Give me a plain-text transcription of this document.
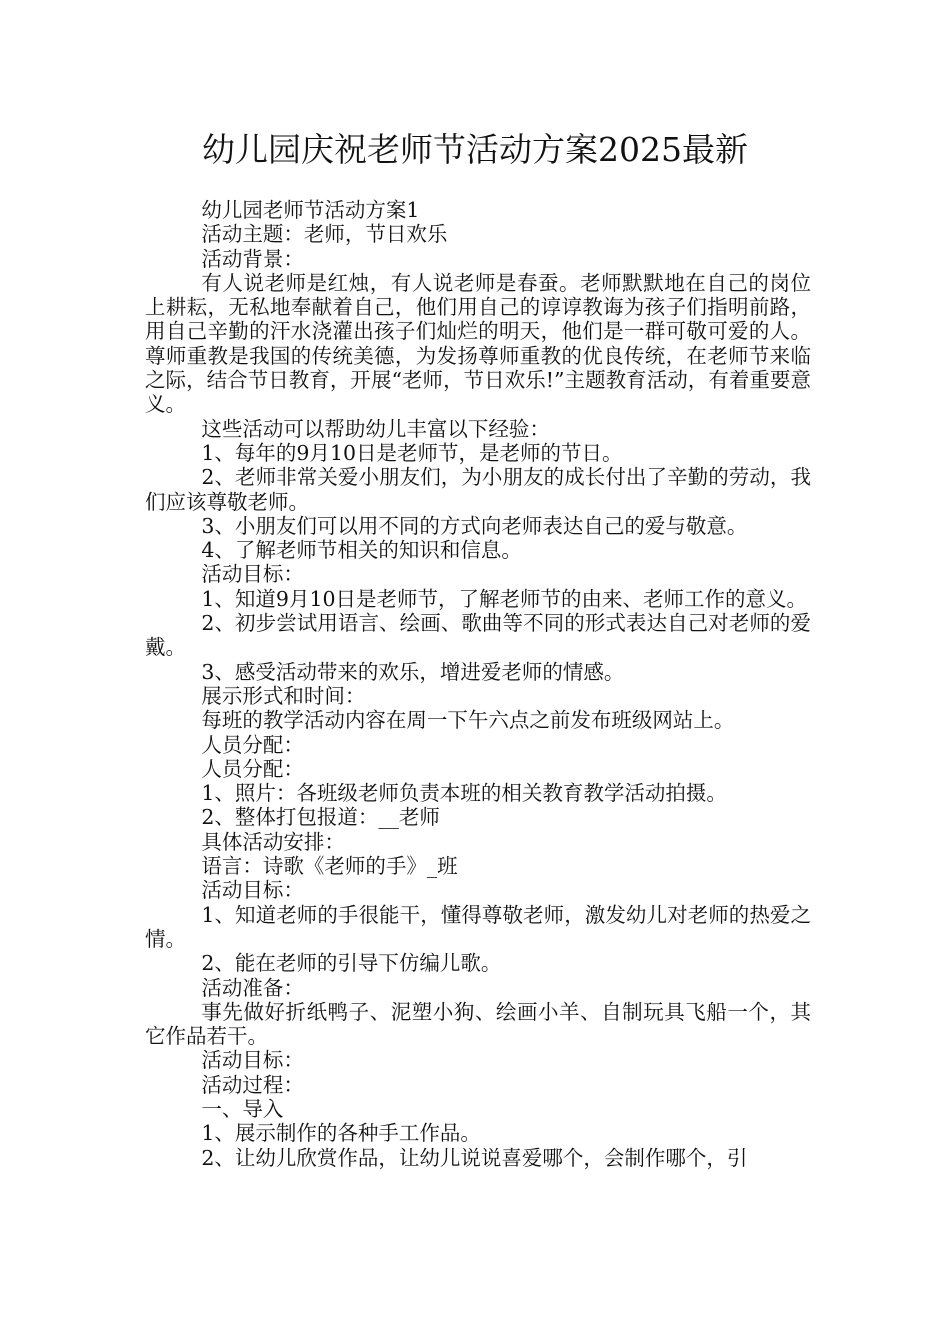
幼儿园庆祝老师节活动方案2025最新

幼儿园老师节活动方案1

活动主题：老师，节日欢乐

活动背景：

有人说老师是红烛，有人说老师是春蚕。老师默默地在自己的岗位上耕耘，无私地奉献着自己，他们用自己的谆谆教诲为孩子们指明前路，用自己辛勤的汗水浇灌出孩子们灿烂的明天，他们是一群可敬可爱的人。尊师重教是我国的传统美德，为发扬尊师重教的优良传统，在老师节来临之际，结合节日教育，开展“老师，节日欢乐!”主题教育活动，有着重要意义。

这些活动可以帮助幼儿丰富以下经验：

1、每年的9月10日是老师节，是老师的节日。

2、老师非常关爱小朋友们，为小朋友的成长付出了辛勤的劳动，我们应该尊敬老师。

3、小朋友们可以用不同的方式向老师表达自己的爱与敬意。

4、了解老师节相关的知识和信息。

活动目标：

1、知道9月10日是老师节，了解老师节的由来、老师工作的意义。

2、初步尝试用语言、绘画、歌曲等不同的形式表达自己对老师的爱戴。

3、感受活动带来的欢乐，增进爱老师的情感。

展示形式和时间：

每班的教学活动内容在周一下午六点之前发布班级网站上。

人员分配：

人员分配：

1、照片：各班级老师负责本班的相关教育教学活动拍摄。

2、整体打包报道：__老师

具体活动安排：

语言：诗歌《老师的手》_班

活动目标：

1、知道老师的手很能干，懂得尊敬老师，激发幼儿对老师的热爱之情。

2、能在老师的引导下仿编儿歌。

活动准备：

事先做好折纸鸭子、泥塑小狗、绘画小羊、自制玩具飞船一个，其它作品若干。

活动目标：

活动过程：

一、导入

1、展示制作的各种手工作品。

2、让幼儿欣赏作品，让幼儿说说喜爱哪个，会制作哪个，引
